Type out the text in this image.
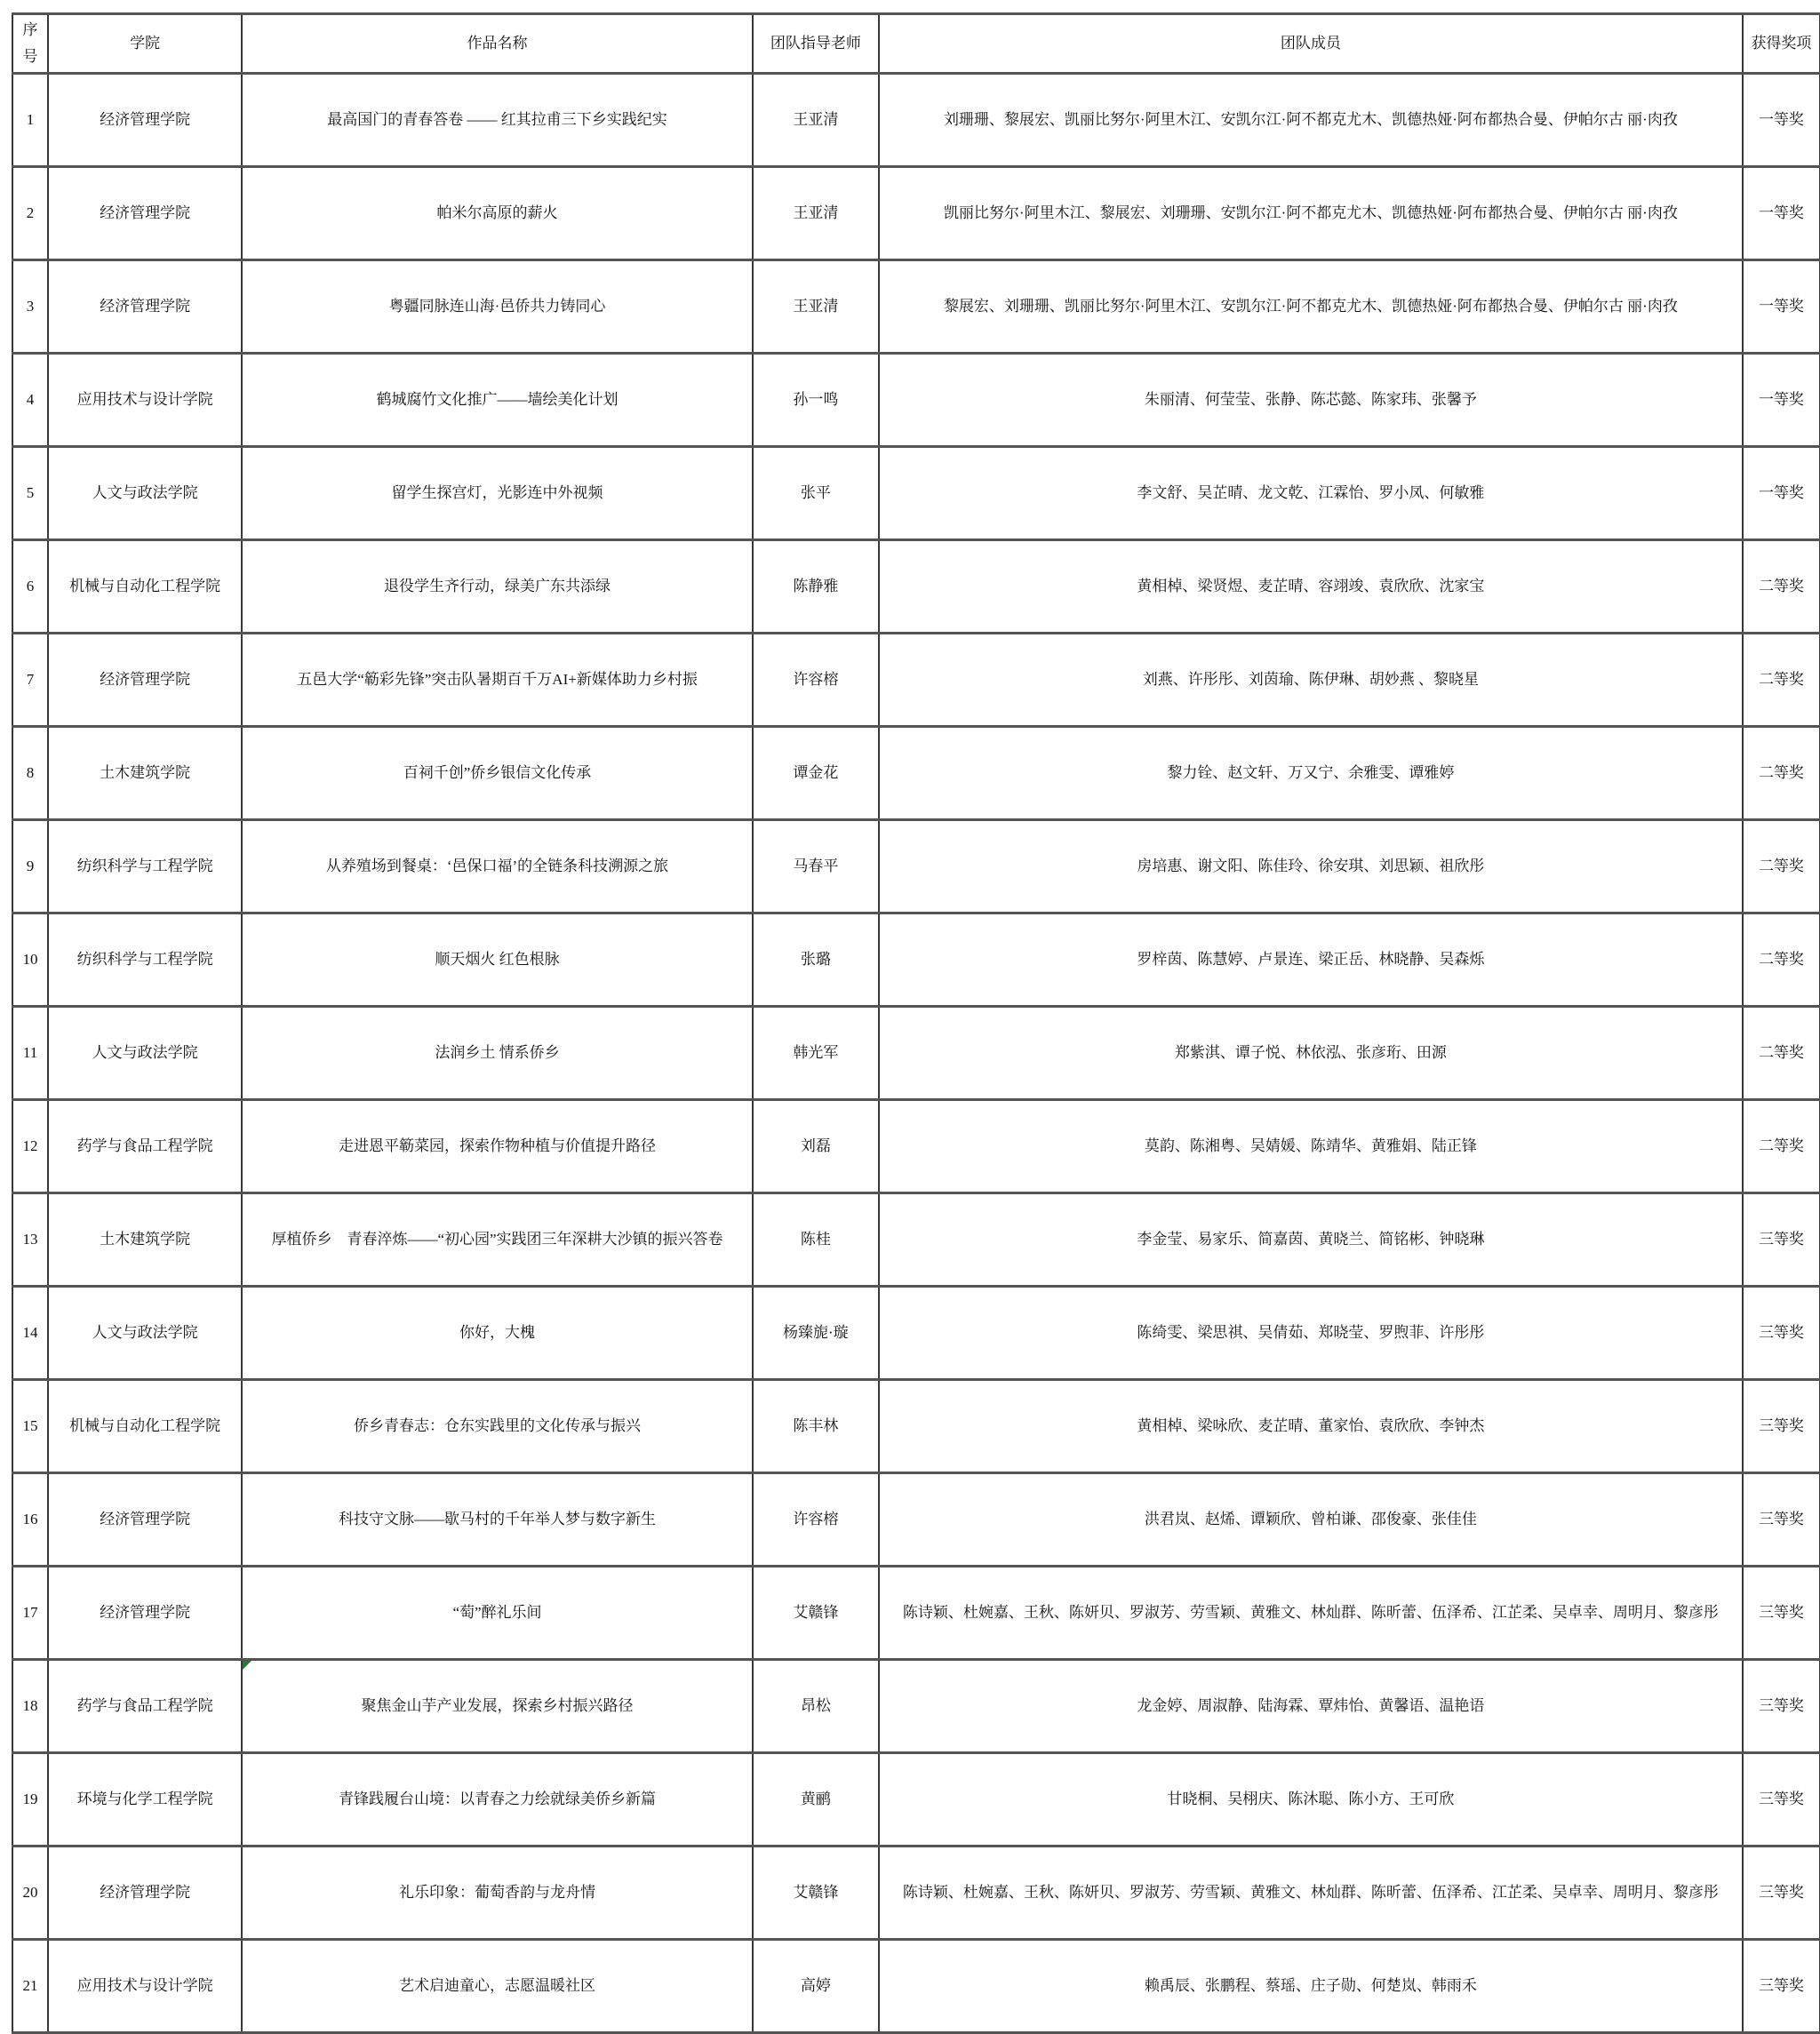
序号	学院	作品名称	团队指导老师	团队成员	获得奖项
1	经济管理学院	最高国门的青春答卷 —— 红其拉甫三下乡实践纪实	王亚清	刘珊珊、黎展宏、凯丽比努尔·阿里木江、安凯尔江·阿不都克尤木、凯德热娅·阿布都热合曼、伊帕尔古 丽·肉孜	一等奖
2	经济管理学院	帕米尔高原的薪火	王亚清	凯丽比努尔·阿里木江、黎展宏、刘珊珊、安凯尔江·阿不都克尤木、凯德热娅·阿布都热合曼、伊帕尔古 丽·肉孜	一等奖
3	经济管理学院	粤疆同脉连山海·邑侨共力铸同心	王亚清	黎展宏、刘珊珊、凯丽比努尔·阿里木江、安凯尔江·阿不都克尤木、凯德热娅·阿布都热合曼、伊帕尔古 丽·肉孜	一等奖
4	应用技术与设计学院	鹤城腐竹文化推广——墙绘美化计划	孙一鸣	朱丽清、何莹莹、张静、陈芯懿、陈家玮、张馨予	一等奖
5	人文与政法学院	留学生探宫灯，光影连中外视频	张平	李文舒、吴芷晴、龙文乾、江霖怡、罗小凤、何敏雅	一等奖
6	机械与自动化工程学院	退役学生齐行动，绿美广东共添绿	陈静雅	黄相棹、梁贤煜、麦芷晴、容翊竣、袁欣欣、沈家宝	二等奖
7	经济管理学院	五邑大学“簕彩先锋”突击队暑期百千万AI+新媒体助力乡村振	许容榕	刘燕、许彤彤、刘茵瑜、陈伊琳、胡妙燕 、黎晓星	二等奖
8	土木建筑学院	百祠千创”侨乡银信文化传承	谭金花	黎力铨、赵文轩、万又宁、余雅雯、谭雅婷	二等奖
9	纺织科学与工程学院	从养殖场到餐桌：‘邑保口福’的全链条科技溯源之旅	马春平	房培惠、谢文阳、陈佳玲、徐安琪、刘思颖、祖欣彤	二等奖
10	纺织科学与工程学院	顺天烟火 红色根脉	张璐	罗梓茵、陈慧婷、卢景连、梁正岳、林晓静、吴森烁	二等奖
11	人文与政法学院	法润乡土 情系侨乡	韩光军	郑紫淇、谭子悦、林依泓、张彦珩、田源	二等奖
12	药学与食品工程学院	走进恩平簕菜园，探索作物种植与价值提升路径	刘磊	莫韵、陈湘粤、吴婧媛、陈靖华、黄雅娟、陆正锋	二等奖
13	土木建筑学院	厚植侨乡　青春淬炼——“初心园”实践团三年深耕大沙镇的振兴答卷	陈桂	李金莹、易家乐、简嘉茵、黄晓兰、简铭彬、钟晓琳	三等奖
14	人文与政法学院	你好，大槐	杨臻旎·璇	陈绮雯、梁思祺、吴倩茹、郑晓莹、罗煦菲、许彤彤	三等奖
15	机械与自动化工程学院	侨乡青春志：仓东实践里的文化传承与振兴	陈丰林	黄相棹、梁咏欣、麦芷晴、董家怡、袁欣欣、李钟杰	三等奖
16	经济管理学院	科技守文脉——歇马村的千年举人梦与数字新生	许容榕	洪君岚、赵烯、谭颖欣、曾柏谦、邵俊豪、张佳佳	三等奖
17	经济管理学院	“萄”醉礼乐间	艾赣锋	陈诗颖、杜婉嘉、王秋、陈妍贝、罗淑芳、劳雪颖、黄雅文、林灿群、陈昕蕾、伍泽希、江芷柔、吴卓幸、周明月、黎彦彤	三等奖
18	药学与食品工程学院	聚焦金山芋产业发展，探索乡村振兴路径	昂松	龙金婷、周淑静、陆海霖、覃炜怡、黄馨语、温艳语	三等奖
19	环境与化学工程学院	青锋践履台山境：以青春之力绘就绿美侨乡新篇	黄鹂	甘晓桐、吴栩庆、陈沐聪、陈小方、王可欣	三等奖
20	经济管理学院	礼乐印象：葡萄香韵与龙舟情	艾赣锋	陈诗颖、杜婉嘉、王秋、陈妍贝、罗淑芳、劳雪颖、黄雅文、林灿群、陈昕蕾、伍泽希、江芷柔、吴卓幸、周明月、黎彦彤	三等奖
21	应用技术与设计学院	艺术启迪童心，志愿温暖社区	高婷	赖禹辰、张鹏程、蔡瑶、庄子勋、何楚岚、韩雨禾	三等奖
